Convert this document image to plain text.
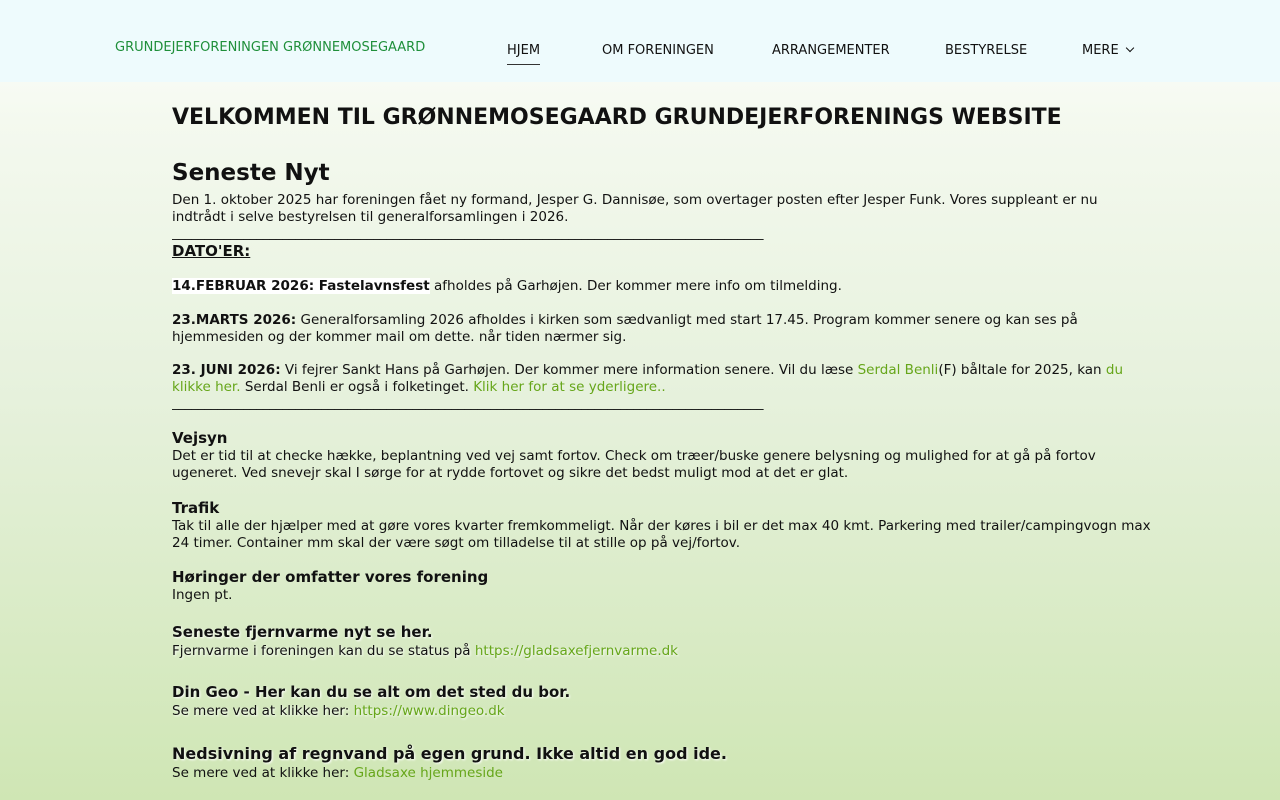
GRUNDEJERFORENINGEN GRØNNEMOSEGAARD	HJEM	OM FORENINGEN	ARRANGEMENTER	BESTYRELSE	MERE
VELKOMMEN TIL GRØNNEMOSEGAARD GRUNDEJERFORENINGS WEBSITE
Seneste Nyt
Den 1. oktober 2025 har foreningen fået ny formand, Jesper G. Dannisøe, som overtager posten efter Jesper Funk. Vores suppleant er nu indtrådt i selve bestyrelsen til generalforsamlingen i 2026.
___________________________________________________________________________________________
DATO'ER:
14.FEBRUAR 2026: Fastelavnsfest afholdes på Garhøjen. Der kommer mere info om tilmelding.
23.MARTS 2026: Generalforsamling 2026 afholdes i kirken som sædvanligt med start 17.45. Program kommer senere og kan ses på hjemmesiden og der kommer mail om dette. når tiden nærmer sig.
23. JUNI 2026: Vi fejrer Sankt Hans på Garhøjen. Der kommer mere information senere. Vil du læse Serdal Benli(F) båltale for 2025, kan du klikke her. Serdal Benli er også i folketinget. Klik her for at se yderligere..
___________________________________________________________________________________________
Vejsyn
Det er tid til at checke hække, beplantning ved vej samt fortov. Check om træer/buske genere belysning og mulighed for at gå på fortov ugeneret. Ved snevejr skal I sørge for at rydde fortovet og sikre det bedst muligt mod at det er glat.
Trafik
Tak til alle der hjælper med at gøre vores kvarter fremkommeligt. Når der køres i bil er det max 40 kmt. Parkering med trailer/campingvogn max 24 timer. Container mm skal der være søgt om tilladelse til at stille op på vej/fortov.
Høringer der omfatter vores forening
Ingen pt.
Seneste fjernvarme nyt se her.
Fjernvarme i foreningen kan du se status på https://gladsaxefjernvarme.dk
Din Geo - Her kan du se alt om det sted du bor.
Se mere ved at klikke her: https://www.dingeo.dk
Nedsivning af regnvand på egen grund. Ikke altid en god ide.
Se mere ved at klikke her: Gladsaxe hjemmeside
